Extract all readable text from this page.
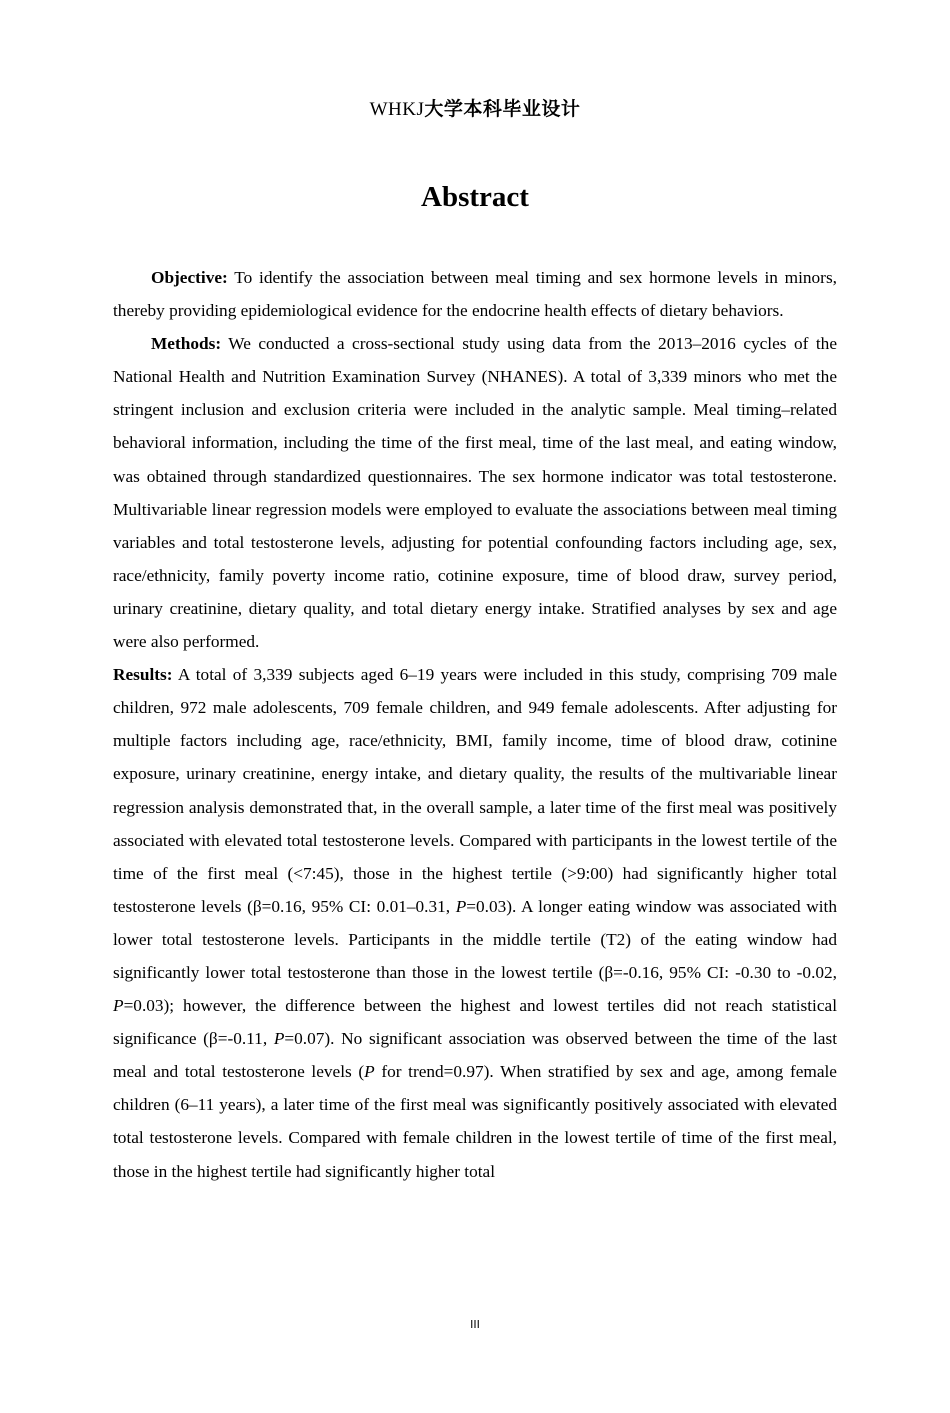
WHKJ大学本科毕业设计
Abstract

Objective: To identify the association between meal timing and sex hormone levels in minors, thereby providing epidemiological evidence for the endocrine health effects of dietary behaviors.

Methods: We conducted a cross-sectional study using data from the 2013–2016 cycles of the National Health and Nutrition Examination Survey (NHANES). A total of 3,339 minors who met the stringent inclusion and exclusion criteria were included in the analytic sample. Meal timing–related behavioral information, including the time of the first meal, time of the last meal, and eating window, was obtained through standardized questionnaires. The sex hormone indicator was total testosterone. Multivariable linear regression models were employed to evaluate the associations between meal timing variables and total testosterone levels, adjusting for potential confounding factors including age, sex, race/ethnicity, family poverty income ratio, cotinine exposure, time of blood draw, survey period, urinary creatinine, dietary quality, and total dietary energy intake. Stratified analyses by sex and age were also performed.

Results: A total of 3,339 subjects aged 6–19 years were included in this study, comprising 709 male children, 972 male adolescents, 709 female children, and 949 female adolescents. After adjusting for multiple factors including age, race/ethnicity, BMI, family income, time of blood draw, cotinine exposure, urinary creatinine, energy intake, and dietary quality, the results of the multivariable linear regression analysis demonstrated that, in the overall sample, a later time of the first meal was positively associated with elevated total testosterone levels. Compared with participants in the lowest tertile of the time of the first meal (<7:45), those in the highest tertile (>9:00) had significantly higher total testosterone levels (β=0.16, 95% CI: 0.01–0.31, P=0.03). A longer eating window was associated with lower total testosterone levels. Participants in the middle tertile (T2) of the eating window had significantly lower total testosterone than those in the lowest tertile (β=-0.16, 95% CI: -0.30 to -0.02, P=0.03); however, the difference between the highest and lowest tertiles did not reach statistical significance (β=-0.11, P=0.07). No significant association was observed between the time of the last meal and total testosterone levels (P for trend=0.97). When stratified by sex and age, among female children (6–11 years), a later time of the first meal was significantly positively associated with elevated total testosterone levels. Compared with female children in the lowest tertile of time of the first meal, those in the highest tertile had significantly higher total

III
